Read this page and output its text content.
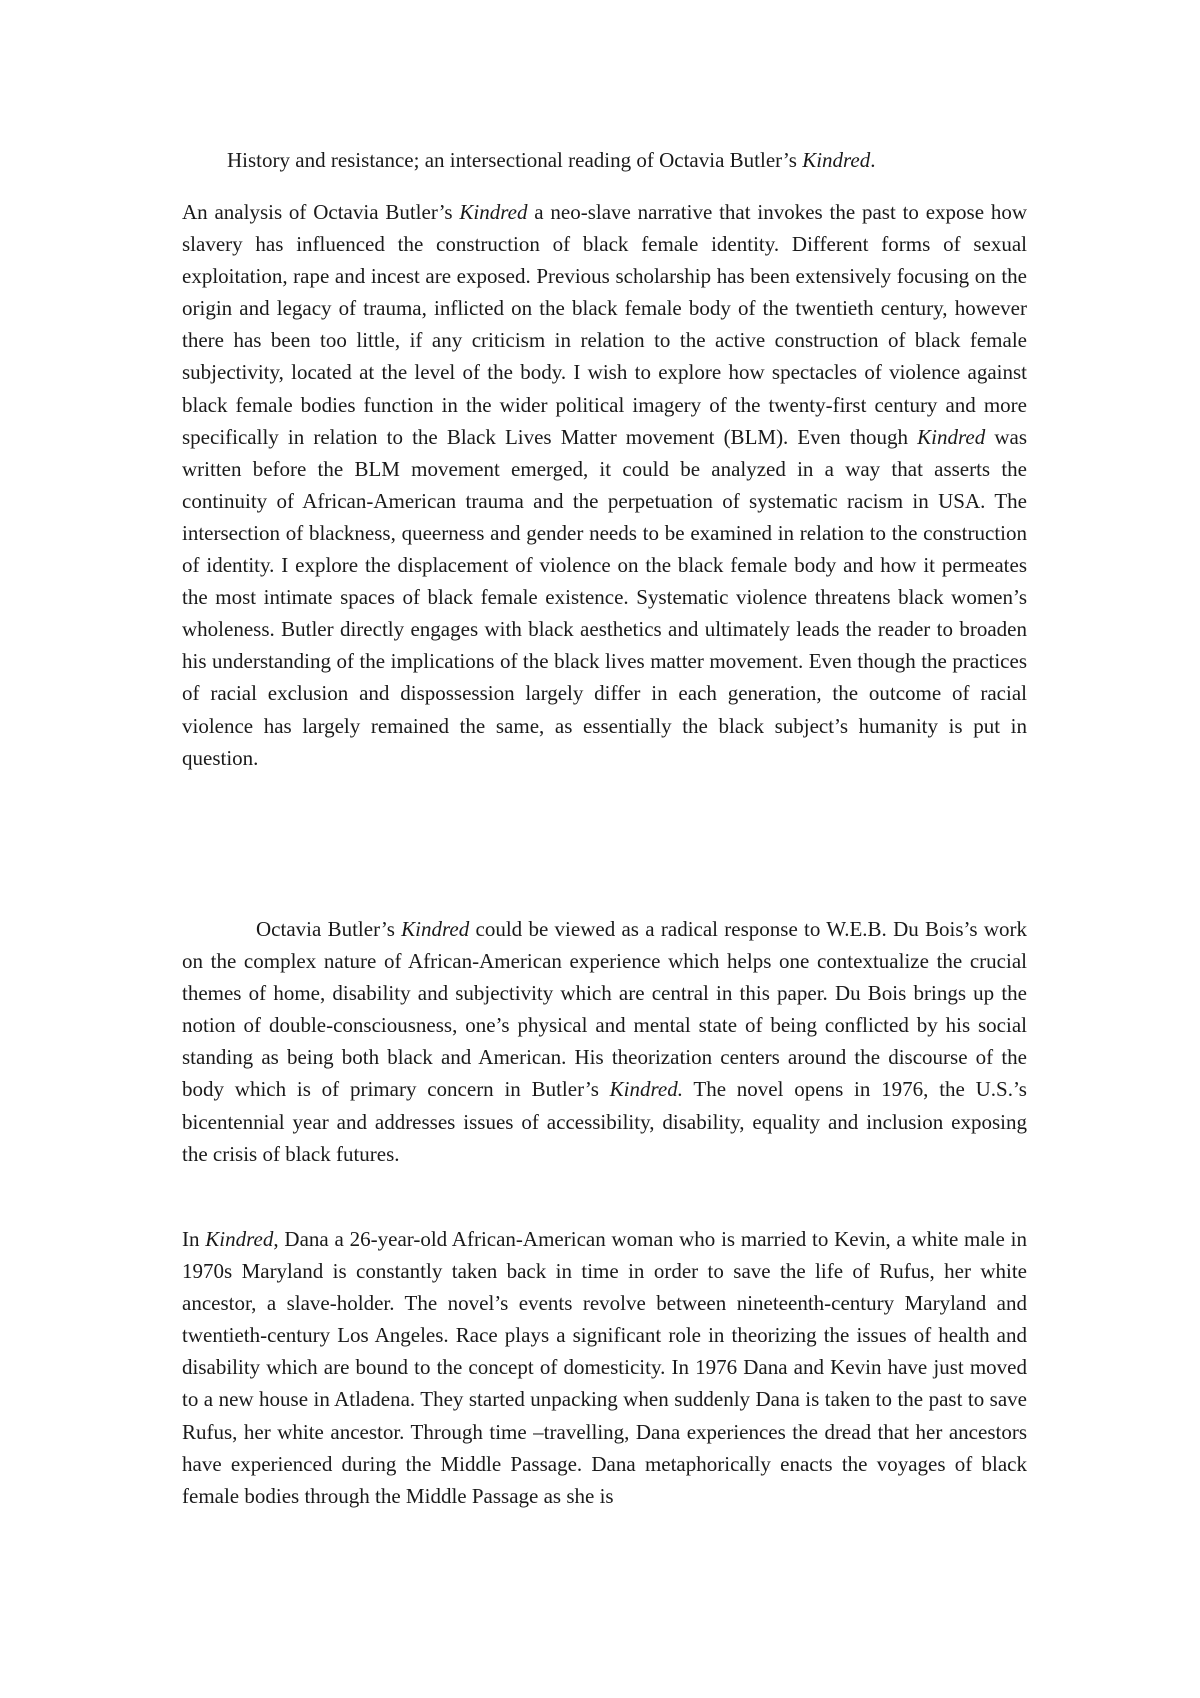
History and resistance; an intersectional reading of Octavia Butler’s Kindred.

An analysis of Octavia Butler’s Kindred a neo-slave narrative that invokes the past to expose how slavery has influenced the construction of black female identity. Different forms of sexual exploitation, rape and incest are exposed. Previous scholarship has been extensively focusing on the origin and legacy of trauma, inflicted on the black female body of the twentieth century, however there has been too little, if any criticism in relation to the active construction of black female subjectivity, located at the level of the body. I wish to explore how spectacles of violence against black female bodies function in the wider political imagery of the twenty-first century and more specifically in relation to the Black Lives Matter movement (BLM). Even though Kindred was written before the BLM movement emerged, it could be analyzed in a way that asserts the continuity of African-American trauma and the perpetuation of systematic racism in USA. The intersection of blackness, queerness and gender needs to be examined in relation to the construction of identity. I explore the displacement of violence on the black female body and how it permeates the most intimate spaces of black female existence. Systematic violence threatens black women’s wholeness. Butler directly engages with black aesthetics and ultimately leads the reader to broaden his understanding of the implications of the black lives matter movement. Even though the practices of racial exclusion and dispossession largely differ in each generation, the outcome of racial violence has largely remained the same, as essentially the black subject’s humanity is put in question.

Octavia Butler’s Kindred could be viewed as a radical response to W.E.B. Du Bois’s work on the complex nature of African-American experience which helps one contextualize the crucial themes of home, disability and subjectivity which are central in this paper. Du Bois brings up the notion of double-consciousness, one’s physical and mental state of being conflicted by his social standing as being both black and American. His theorization centers around the discourse of the body which is of primary concern in Butler’s Kindred. The novel opens in 1976, the U.S.’s bicentennial year and addresses issues of accessibility, disability, equality and inclusion exposing the crisis of black futures.

In Kindred, Dana a 26-year-old African-American woman who is married to Kevin, a white male in 1970s Maryland is constantly taken back in time in order to save the life of Rufus, her white ancestor, a slave-holder. The novel’s events revolve between nineteenth-century Maryland and twentieth-century Los Angeles. Race plays a significant role in theorizing the issues of health and disability which are bound to the concept of domesticity. In 1976 Dana and Kevin have just moved to a new house in Atladena. They started unpacking when suddenly Dana is taken to the past to save Rufus, her white ancestor. Through time –travelling, Dana experiences the dread that her ancestors have experienced during the Middle Passage. Dana metaphorically enacts the voyages of black female bodies through the Middle Passage as she is
